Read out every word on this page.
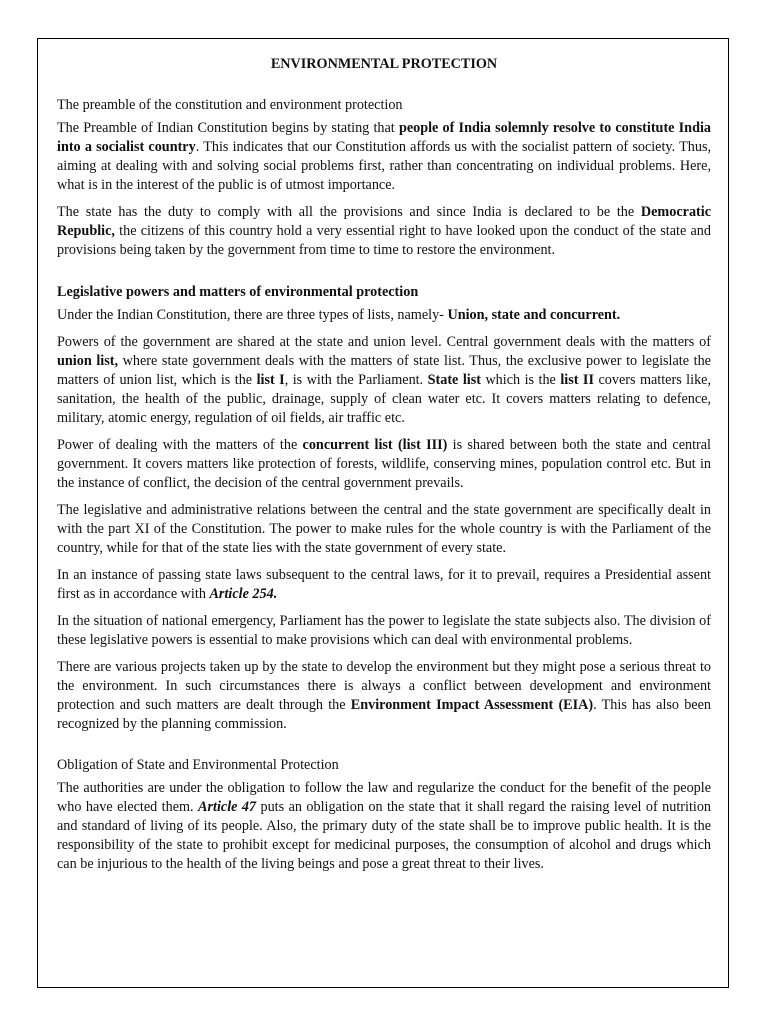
ENVIRONMENTAL PROTECTION

The preamble of the constitution and environment protection

The Preamble of Indian Constitution begins by stating that people of India solemnly resolve to constitute India into a socialist country. This indicates that our Constitution affords us with the socialist pattern of society. Thus, aiming at dealing with and solving social problems first, rather than concentrating on individual problems. Here, what is in the interest of the public is of utmost importance.

The state has the duty to comply with all the provisions and since India is declared to be the Democratic Republic, the citizens of this country hold a very essential right to have looked upon the conduct of the state and provisions being taken by the government from time to time to restore the environment.

Legislative powers and matters of environmental protection

Under the Indian Constitution, there are three types of lists, namely- Union, state and concurrent.

Powers of the government are shared at the state and union level. Central government deals with the matters of union list, where state government deals with the matters of state list. Thus, the exclusive power to legislate the matters of union list, which is the list I, is with the Parliament. State list which is the list II covers matters like, sanitation, the health of the public, drainage, supply of clean water etc. It covers matters relating to defence, military, atomic energy, regulation of oil fields, air traffic etc.

Power of dealing with the matters of the concurrent list (list III) is shared between both the state and central government. It covers matters like protection of forests, wildlife, conserving mines, population control etc. But in the instance of conflict, the decision of the central government prevails.

The legislative and administrative relations between the central and the state government are specifically dealt in with the part XI of the Constitution. The power to make rules for the whole country is with the Parliament of the country, while for that of the state lies with the state government of every state.

In an instance of passing state laws subsequent to the central laws, for it to prevail, requires a Presidential assent first as in accordance with Article 254.

In the situation of national emergency, Parliament has the power to legislate the state subjects also. The division of these legislative powers is essential to make provisions which can deal with environmental problems.

There are various projects taken up by the state to develop the environment but they might pose a serious threat to the environment. In such circumstances there is always a conflict between development and environment protection and such matters are dealt through the Environment Impact Assessment (EIA). This has also been recognized by the planning commission.

Obligation of State and Environmental Protection

The authorities are under the obligation to follow the law and regularize the conduct for the benefit of the people who have elected them. Article 47 puts an obligation on the state that it shall regard the raising level of nutrition and standard of living of its people. Also, the primary duty of the state shall be to improve public health. It is the responsibility of the state to prohibit except for medicinal purposes, the consumption of alcohol and drugs which can be injurious to the health of the living beings and pose a great threat to their lives.
